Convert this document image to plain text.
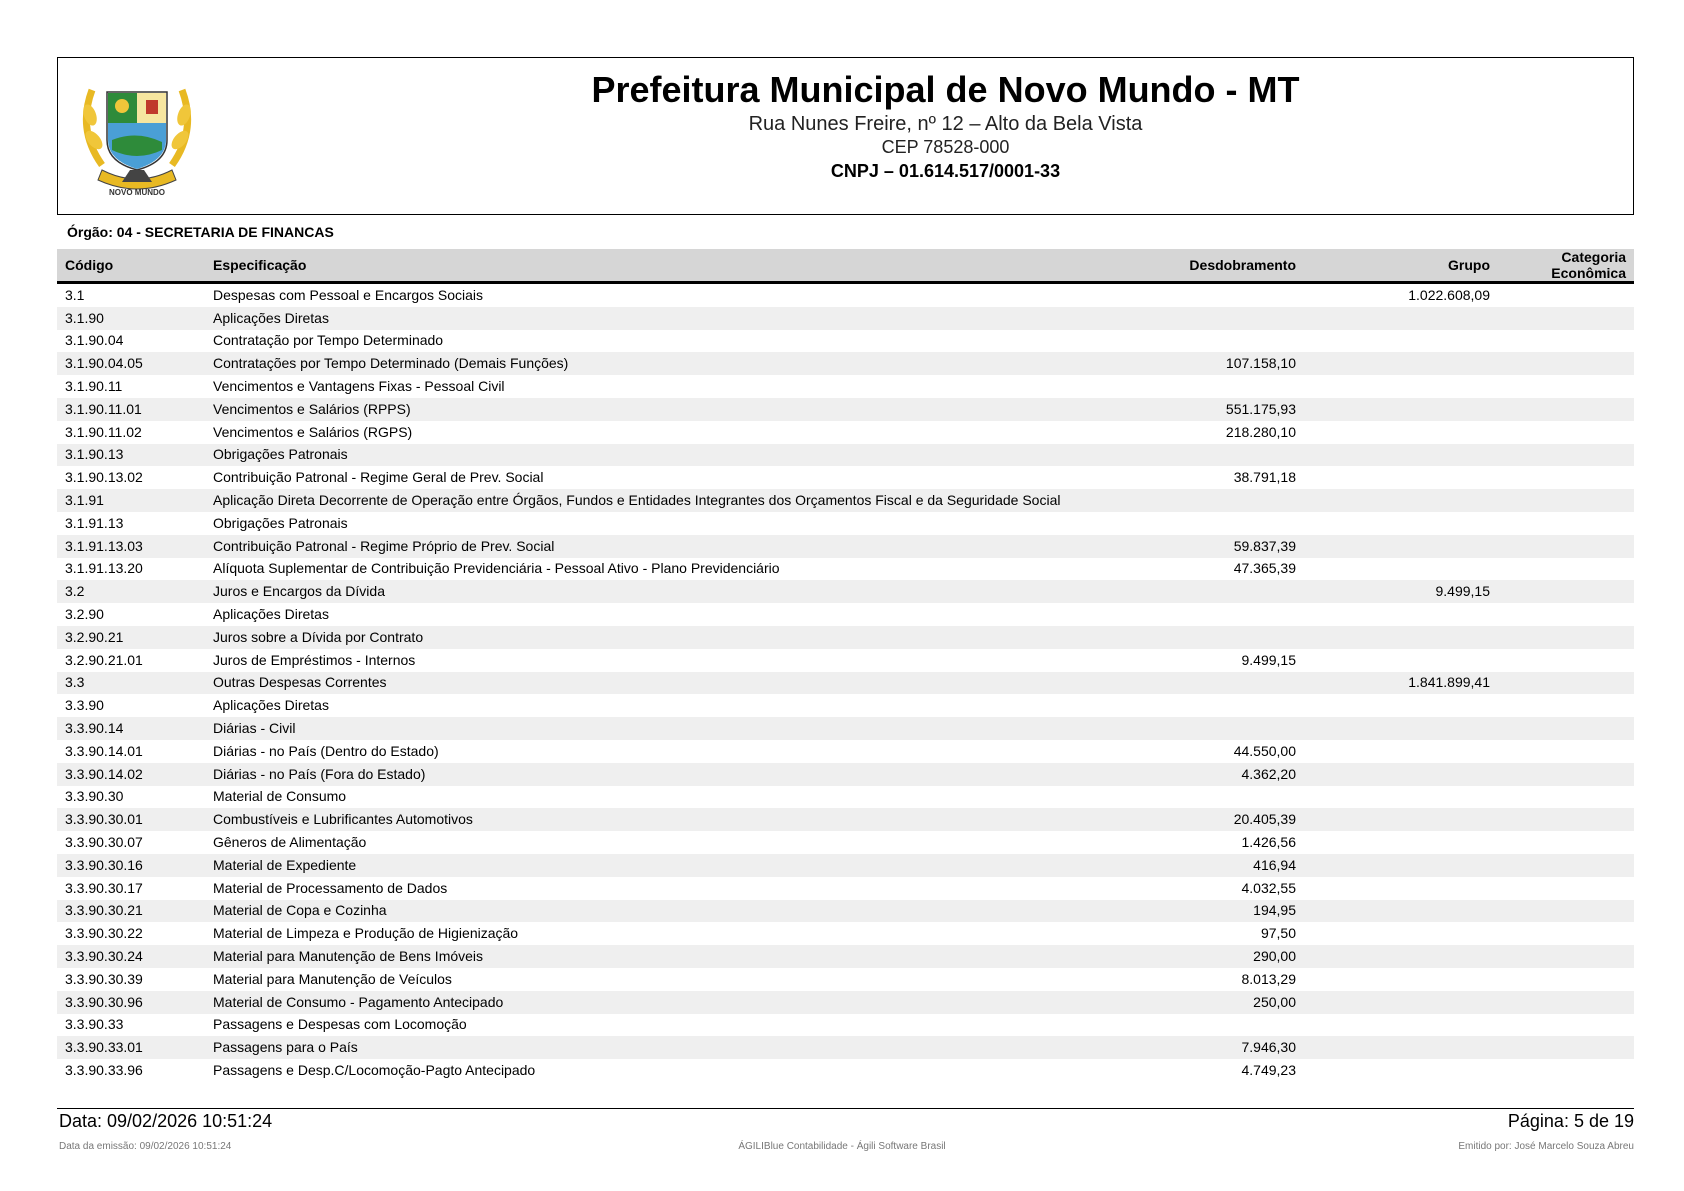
NOVO MUNDO
Prefeitura Municipal de Novo Mundo - MT
Rua Nunes Freire, nº 12 – Alto da Bela Vista
CEP 78528-000
CNPJ – 01.614.517/0001-33
Órgão: 04 - SECRETARIA DE FINANCAS
Código	Especificação	Desdobramento	Grupo	Categoria Econômica
3.1	Despesas com Pessoal e Encargos Sociais		1.022.608,09	
3.1.90	Aplicações Diretas			
3.1.90.04	Contratação por Tempo Determinado			
3.1.90.04.05	Contratações por Tempo Determinado (Demais Funções)	107.158,10		
3.1.90.11	Vencimentos e Vantagens Fixas - Pessoal Civil			
3.1.90.11.01	Vencimentos e Salários (RPPS)	551.175,93		
3.1.90.11.02	Vencimentos e Salários (RGPS)	218.280,10		
3.1.90.13	Obrigações Patronais			
3.1.90.13.02	Contribuição Patronal - Regime Geral de Prev. Social	38.791,18		
3.1.91	Aplicação Direta Decorrente de Operação entre Órgãos, Fundos e Entidades Integrantes dos Orçamentos Fiscal e da Seguridade Social			
3.1.91.13	Obrigações Patronais			
3.1.91.13.03	Contribuição Patronal - Regime Próprio de Prev. Social	59.837,39		
3.1.91.13.20	Alíquota Suplementar de Contribuição Previdenciária - Pessoal Ativo - Plano Previdenciário	47.365,39		
3.2	Juros e Encargos da Dívida		9.499,15	
3.2.90	Aplicações Diretas			
3.2.90.21	Juros sobre a Dívida por Contrato			
3.2.90.21.01	Juros de Empréstimos - Internos	9.499,15		
3.3	Outras Despesas Correntes		1.841.899,41	
3.3.90	Aplicações Diretas			
3.3.90.14	Diárias - Civil			
3.3.90.14.01	Diárias - no País (Dentro do Estado)	44.550,00		
3.3.90.14.02	Diárias - no País (Fora do Estado)	4.362,20		
3.3.90.30	Material de Consumo			
3.3.90.30.01	Combustíveis e Lubrificantes Automotivos	20.405,39		
3.3.90.30.07	Gêneros de Alimentação	1.426,56		
3.3.90.30.16	Material de Expediente	416,94		
3.3.90.30.17	Material de Processamento de Dados	4.032,55		
3.3.90.30.21	Material de Copa e Cozinha	194,95		
3.3.90.30.22	Material de Limpeza e Produção de Higienização	97,50		
3.3.90.30.24	Material para Manutenção de Bens Imóveis	290,00		
3.3.90.30.39	Material para Manutenção de Veículos	8.013,29		
3.3.90.30.96	Material de Consumo - Pagamento Antecipado	250,00		
3.3.90.33	Passagens e Despesas com Locomoção			
3.3.90.33.01	Passagens para o País	7.946,30		
3.3.90.33.96	Passagens e Desp.C/Locomoção-Pagto Antecipado	4.749,23		
Data: 09/02/2026 10:51:24	Página: 5 de 19
Data da emissão: 09/02/2026 10:51:24	ÁGILIBlue Contabilidade - Ágili Software Brasil	Emitido por: José Marcelo Souza Abreu
